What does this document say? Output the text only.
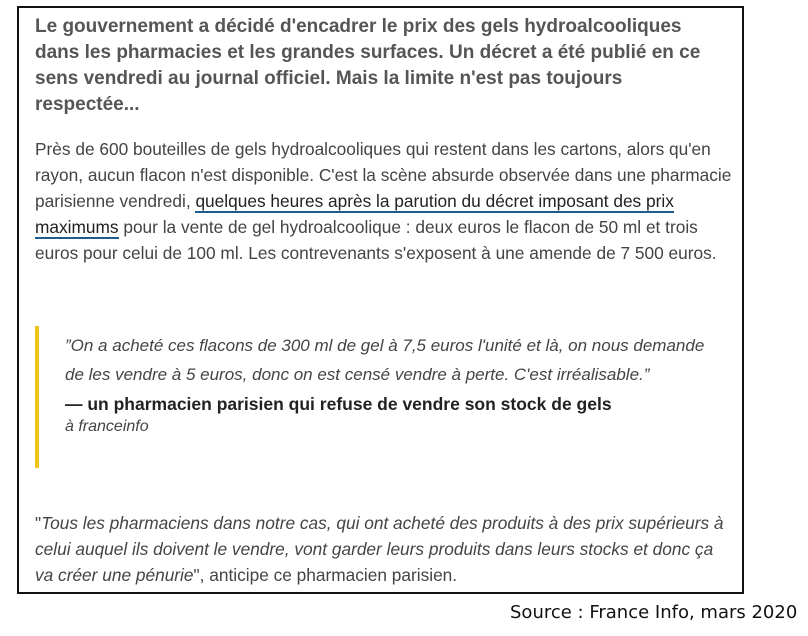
Le gouvernement a décidé d'encadrer le prix des gels hydroalcooliques dans les pharmacies et les grandes surfaces. Un décret a été publié en ce sens vendredi au journal officiel. Mais la limite n'est pas toujours respectée...
Près de 600 bouteilles de gels hydroalcooliques qui restent dans les cartons, alors qu'en rayon, aucun flacon n'est disponible. C'est la scène absurde observée dans une pharmacie parisienne vendredi, quelques heures après la parution du décret imposant des prix maximums pour la vente de gel hydroalcoolique : deux euros le flacon de 50 ml et trois euros pour celui de 100 ml. Les contrevenants s'exposent à une amende de 7 500 euros.
”On a acheté ces flacons de 300 ml de gel à 7,5 euros l'unité et là, on nous demande de les vendre à 5 euros, donc on est censé vendre à perte. C'est irréalisable.”
— un pharmacien parisien qui refuse de vendre son stock de gels
à franceinfo
"Tous les pharmaciens dans notre cas, qui ont acheté des produits à des prix supérieurs à celui auquel ils doivent le vendre, vont garder leurs produits dans leurs stocks et donc ça va créer une pénurie", anticipe ce pharmacien parisien.
Source : France Info, mars 2020
